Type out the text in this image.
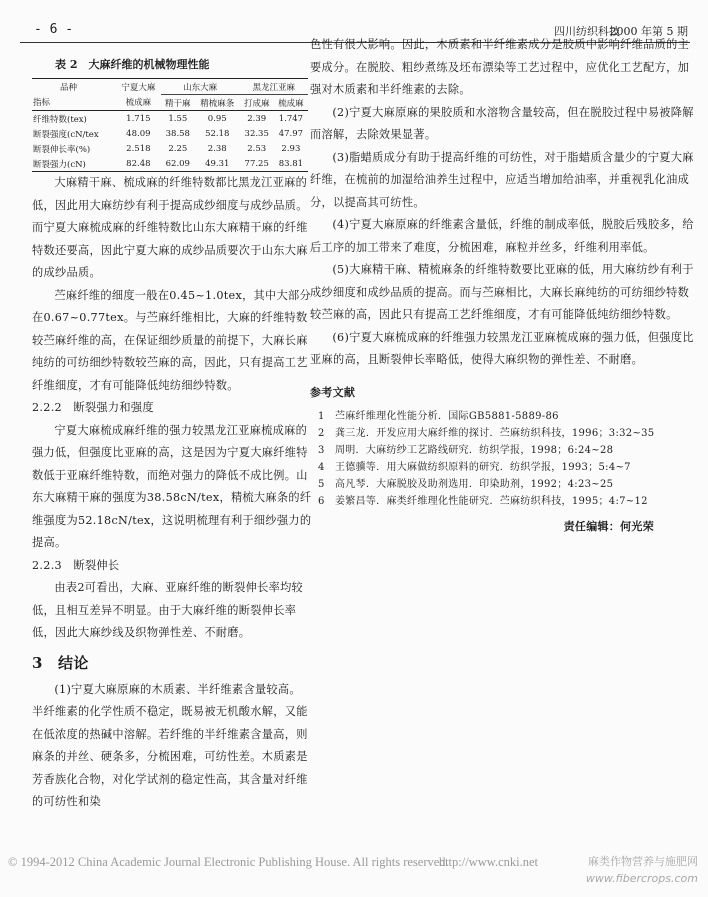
- 6 -	四川纺织科技
2000 年第 5 期
表 2　大麻纤维的机械物理性能
品种	宁夏大麻	山东大麻		黑龙江亚麻	
指标	梳成麻	精干麻	精梳麻条	打成麻	梳成麻
纤维特数(tex)	1.715	1.55	0.95	2.39	1.747
断裂强度(cN/tex	48.09	38.58	52.18	32.35	47.97
断裂伸长率(%)	2.518	2.25	2.38	2.53	2.93
断裂强力(cN)	82.48	62.09	49.31	77.25	83.81

大麻精干麻、梳成麻的纤维特数都比黑龙江亚麻的低，因此用大麻纺纱有利于提高成纱细度与成纱品质。而宁夏大麻梳成麻的纤维特数比山东大麻精干麻的纤维特数还要高，因此宁夏大麻的成纱品质要次于山东大麻的成纱品质。

苎麻纤维的细度一般在0.45~1.0tex，其中大部分在0.67~0.77tex。与苎麻纤维相比，大麻的纤维特数较苎麻纤维的高，在保证细纱质量的前提下，大麻长麻纯纺的可纺细纱特数较苎麻的高，因此，只有提高工艺纤维细度，才有可能降低纯纺细纱特数。

2.2.2　断裂强力和强度

宁夏大麻梳成麻纤维的强力较黑龙江亚麻梳成麻的强力低，但强度比亚麻的高，这是因为宁夏大麻纤维特数低于亚麻纤维特数，而绝对强力的降低不成比例。山东大麻精干麻的强度为38.58cN/tex，精梳大麻条的纤维强度为52.18cN/tex，这说明梳理有利于细纱强力的提高。

2.2.3　断裂伸长

由表2可看出，大麻、亚麻纤维的断裂伸长率均较低，且相互差异不明显。由于大麻纤维的断裂伸长率低，因此大麻纱线及织物弹性差、不耐磨。

3　结论

(1)宁夏大麻原麻的木质素、半纤维素含量较高。半纤维素的化学性质不稳定，既易被无机酸水解，又能在低浓度的热碱中溶解。若纤维的半纤维素含量高，则麻条的并丝、硬条多，分梳困难，可纺性差。木质素是芳香族化合物，对化学试剂的稳定性高，其含量对纤维的可纺性和染

色性有很大影响。因此，木质素和半纤维素成分是胶质中影响纤维品质的主要成分。在脱胶、粗纱煮练及坯布漂染等工艺过程中，应优化工艺配方，加强对木质素和半纤维素的去除。

(2)宁夏大麻原麻的果胶质和水溶物含量较高，但在脱胶过程中易被降解而溶解，去除效果显著。

(3)脂蜡质成分有助于提高纤维的可纺性，对于脂蜡质含量少的宁夏大麻纤维，在梳前的加湿给油养生过程中，应适当增加给油率，并重视乳化油成分，以提高其可纺性。

(4)宁夏大麻原麻的纤维素含量低，纤维的制成率低，脱胶后残胶多，给后工序的加工带来了难度，分梳困难，麻粒并丝多，纤维利用率低。

(5)大麻精干麻、精梳麻条的纤维特数要比亚麻的低，用大麻纺纱有利于成纱细度和成纱品质的提高。而与苎麻相比，大麻长麻纯纺的可纺细纱特数较苎麻的高，因此只有提高工艺纤维细度，才有可能降低纯纺细纱特数。

(6)宁夏大麻梳成麻的纤维强力较黑龙江亚麻梳成麻的强力低，但强度比亚麻的高，且断裂伸长率略低，使得大麻织物的弹性差、不耐磨。

参考文献

1　苎麻纤维理化性能分析．国际GB5881-5889-86
2　龚三龙．开发应用大麻纤维的探讨．苎麻纺织科技，1996；3:32~35
3　周明．大麻纺纱工艺路线研究．纺织学报，1998；6:24~28
4　王德骥等．用大麻做纺织原料的研究．纺织学报，1993；5:4~7
5　高凡琴．大麻脱胶及助剂选用．印染助剂，1992；4:23~25
6　姜繁昌等．麻类纤维理化性能研究．苎麻纺织科技，1995；4:7~12
责任编辑：何光荣
© 1994-2012 China Academic Journal Electronic Publishing House. All rights reserved.
http://www.cnki.net	麻类作物营养与施肥网
www.fibercrops.com
